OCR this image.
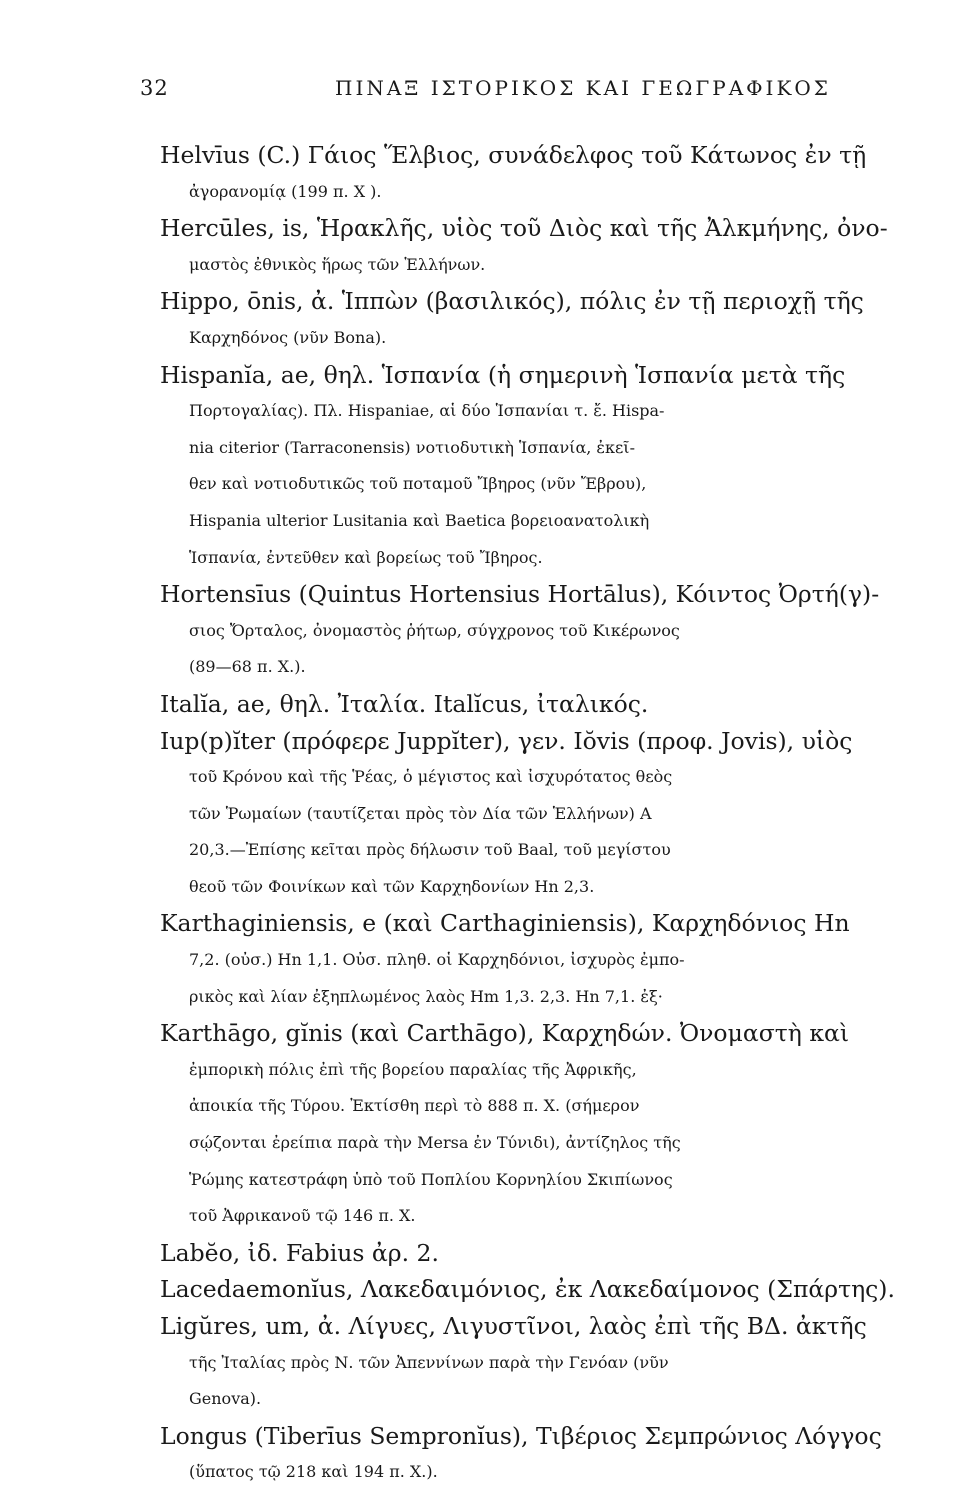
32	ΠΙΝΑΞ ΙΣΤΟΡΙΚΟΣ ΚΑΙ ΓΕΩΓΡΑΦΙΚΟΣ
Helvīus (C.) Γάιος Ἕλβιος, συνάδελφος τοῦ Κάτωνος ἐν τῇ
ἀγορανομίᾳ (199 π. Χ ).
Hercūles, is, Ἡρακλῆς, υἱὸς τοῦ Διὸς καὶ τῆς Ἀλκμήνης, ὀνο-
μαστὸς ἐθνικὸς ἥρως τῶν Ἑλλήνων.
Hippo, ōnis, ἀ. Ἱππὼν (βασιλικός), πόλις ἐν τῇ περιοχῇ τῆς
Καρχηδόνος (νῦν Bona).
Hispanĭa, ae, θηλ. Ἱσπανία (ἡ σημερινὴ Ἱσπανία μετὰ τῆς
Πορτογαλίας). Πλ. Hispaniae, αἱ δύο Ἱσπανίαι τ. ἔ. Hispa-
nia citerior (Tarraconensis) νοτιοδυτικὴ Ἱσπανία, ἐκεῖ-
θεν καὶ νοτιοδυτικῶς τοῦ ποταμοῦ Ἴβηρος (νῦν Ἔβρου),
Hispania ulterior Lusitania καὶ Baetica βορειοανατολικὴ
Ἱσπανία, ἐντεῦθεν καὶ βορείως τοῦ Ἴβηρος.
Hortensīus (Quintus Hortensius Hortālus), Κόιντος Ὀρτή(γ)-
σιος Ὄρταλος, ὀνομαστὸς ῥήτωρ, σύγχρονος τοῦ Κικέρωνος
(89—68 π. Χ.).
Italĭa, ae, θηλ. Ἰταλία. Italĭcus, ἰταλικός.
Iup(p)ĭter (πρόφερε Juppĭter), γεν. Iŏvis (προφ. Jovis), υἱὸς
τοῦ Κρόνου καὶ τῆς Ῥέας, ὁ μέγιστος καὶ ἰσχυρότατος θεὸς
τῶν Ῥωμαίων (ταυτίζεται πρὸς τὸν Δία τῶν Ἑλλήνων) Α
20,3.—Ἐπίσης κεῖται πρὸς δήλωσιν τοῦ Baal, τοῦ μεγίστου
θεοῦ τῶν Φοινίκων καὶ τῶν Καρχηδονίων Hn 2,3.
Karthaginiensis, e (καὶ Carthaginiensis), Καρχηδόνιος Hn
7,2. (οὐσ.) Hn 1,1. Οὐσ. πληθ. οἱ Καρχηδόνιοι, ἰσχυρὸς ἐμπο-
ρικὸς καὶ λίαν ἐξηπλωμένος λαὸς Hm 1,3. 2,3. Hn 7,1. ἐξ·
Karthāgo, gĭnis (καὶ Carthāgo), Καρχηδών. Ὀνομαστὴ καὶ
ἐμπορικὴ πόλις ἐπὶ τῆς βορείου παραλίας τῆς Ἀφρικῆς,
ἀποικία τῆς Τύρου. Ἐκτίσθη περὶ τὸ 888 π. Χ. (σήμερον
σῴζονται ἐρείπια παρὰ τὴν Mersa ἐν Τύνιδι), ἀντίζηλος τῆς
Ῥώμης κατεστράφη ὑπὸ τοῦ Ποπλίου Κορνηλίου Σκιπίωνος
τοῦ Ἀφρικανοῦ τῷ 146 π. Χ.
Labĕo, ἰδ. Fabius ἀρ. 2.
Lacedaemonĭus, Λακεδαιμόνιος, ἐκ Λακεδαίμονος (Σπάρτης).
Ligŭres, um, ἀ. Λίγυες, Λιγυστῖνοι, λαὸς ἐπὶ τῆς ΒΔ. ἀκτῆς
τῆς Ἰταλίας πρὸς Ν. τῶν Ἀπεννίνων παρὰ τὴν Γενόαν (νῦν
Genova).
Longus (Tiberīus Sempronĭus), Τιβέριος Σεμπρώνιος Λόγγος
(ὕπατος τῷ 218 καὶ 194 π. Χ.).
